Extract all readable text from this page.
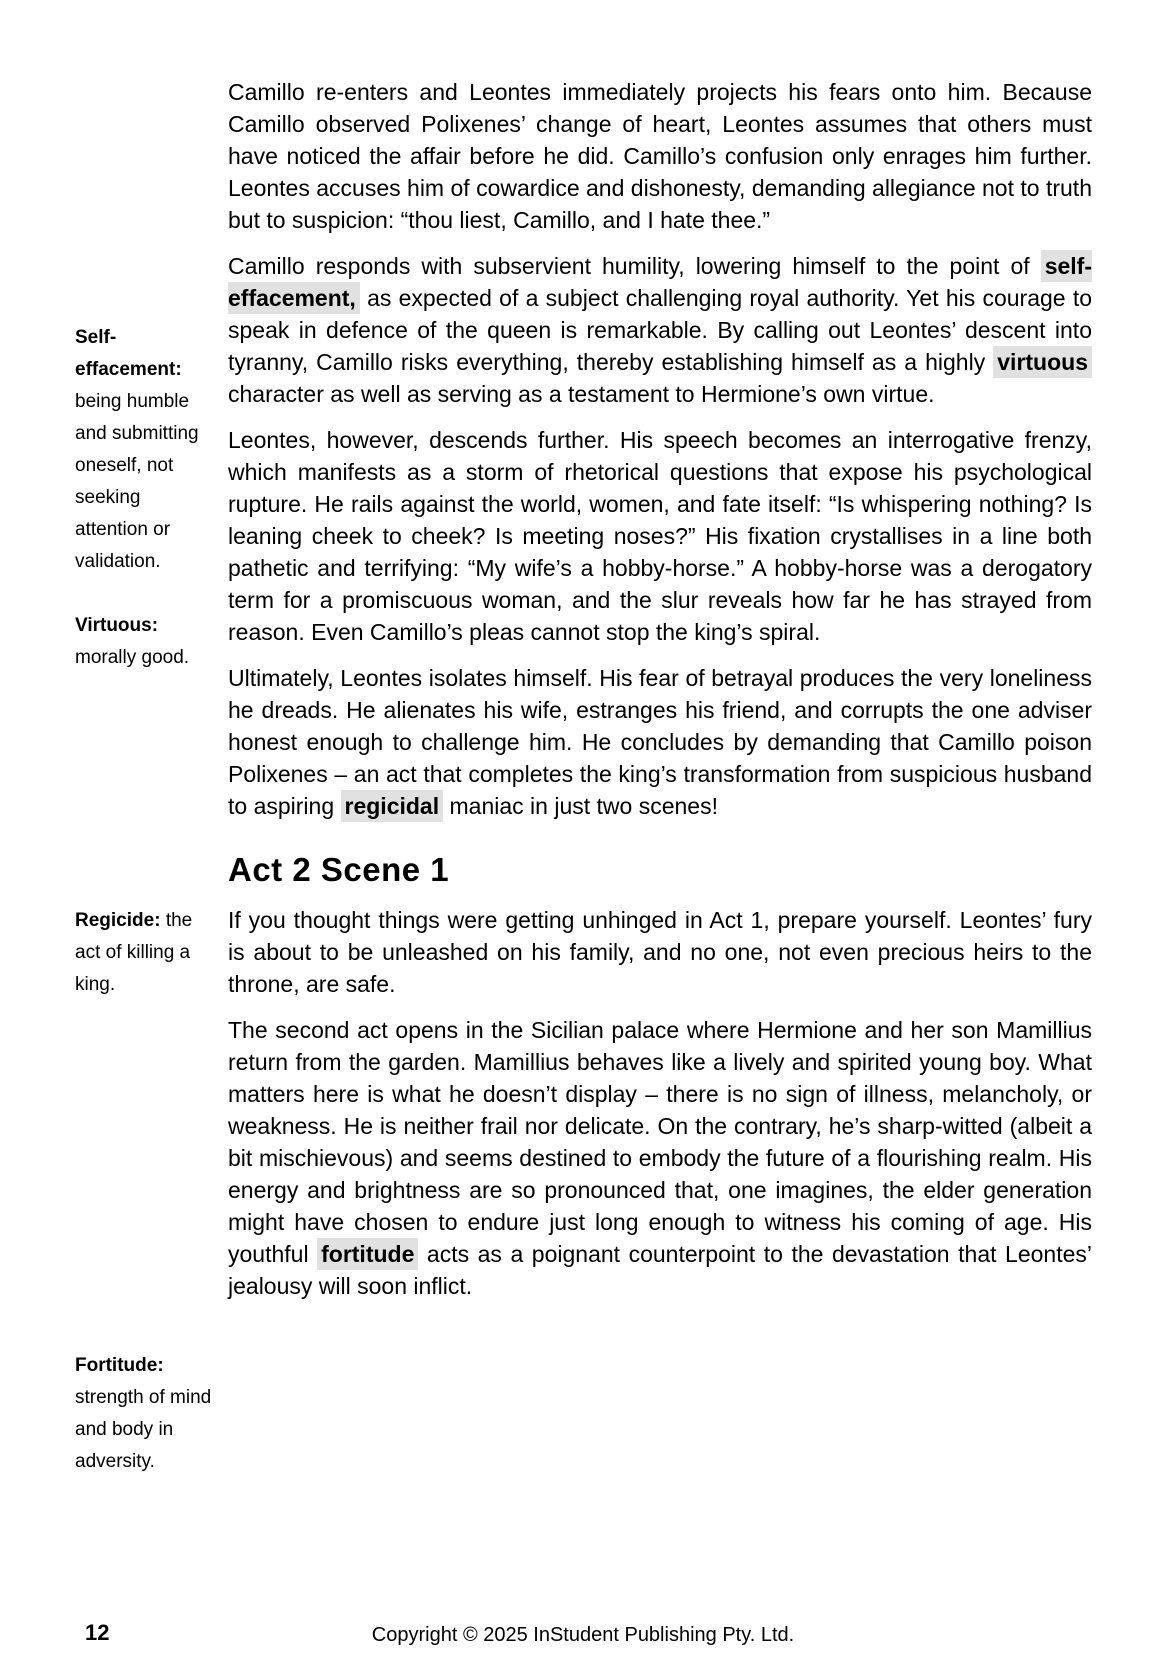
Self-effacement: being humble and submitting oneself, not seeking attention or validation.
Virtuous: morally good.
Regicide: the act of killing a king.
Fortitude: strength of mind and body in adversity.

Camillo re-enters and Leontes immediately projects his fears onto him. Because Camillo observed Polixenes’ change of heart, Leontes assumes that others must have noticed the affair before he did. Camillo’s confusion only enrages him further. Leontes accuses him of cowardice and dishonesty, demanding allegiance not to truth but to suspicion: “thou liest, Camillo, and I hate thee.”

Camillo responds with subservient humility, lowering himself to the point of self-effacement, as expected of a subject challenging royal authority. Yet his courage to speak in defence of the queen is remarkable. By calling out Leontes’ descent into tyranny, Camillo risks everything, thereby establishing himself as a highly virtuous character as well as serving as a testament to Hermione’s own virtue.

Leontes, however, descends further. His speech becomes an interrogative frenzy, which manifests as a storm of rhetorical questions that expose his psychological rupture. He rails against the world, women, and fate itself: “Is whispering nothing? Is leaning cheek to cheek? Is meeting noses?” His fixation crystallises in a line both pathetic and terrifying: “My wife’s a hobby-horse.” A hobby-horse was a derogatory term for a promiscuous woman, and the slur reveals how far he has strayed from reason. Even Camillo’s pleas cannot stop the king’s spiral.

Ultimately, Leontes isolates himself. His fear of betrayal produces the very loneliness he dreads. He alienates his wife, estranges his friend, and corrupts the one adviser honest enough to challenge him. He concludes by demanding that Camillo poison Polixenes – an act that completes the king’s transformation from suspicious husband to aspiring regicidal maniac in just two scenes!

Act 2 Scene 1

If you thought things were getting unhinged in Act 1, prepare yourself. Leontes’ fury is about to be unleashed on his family, and no one, not even precious heirs to the throne, are safe.

The second act opens in the Sicilian palace where Hermione and her son Mamillius return from the garden. Mamillius behaves like a lively and spirited young boy. What matters here is what he doesn’t display – there is no sign of illness, melancholy, or weakness. He is neither frail nor delicate. On the contrary, he’s sharp-witted (albeit a bit mischievous) and seems destined to embody the future of a flourishing realm. His energy and brightness are so pronounced that, one imagines, the elder generation might have chosen to endure just long enough to witness his coming of age. His youthful fortitude acts as a poignant counterpoint to the devastation that Leontes’ jealousy will soon inflict.

12	Copyright © 2025 InStudent Publishing Pty. Ltd.
